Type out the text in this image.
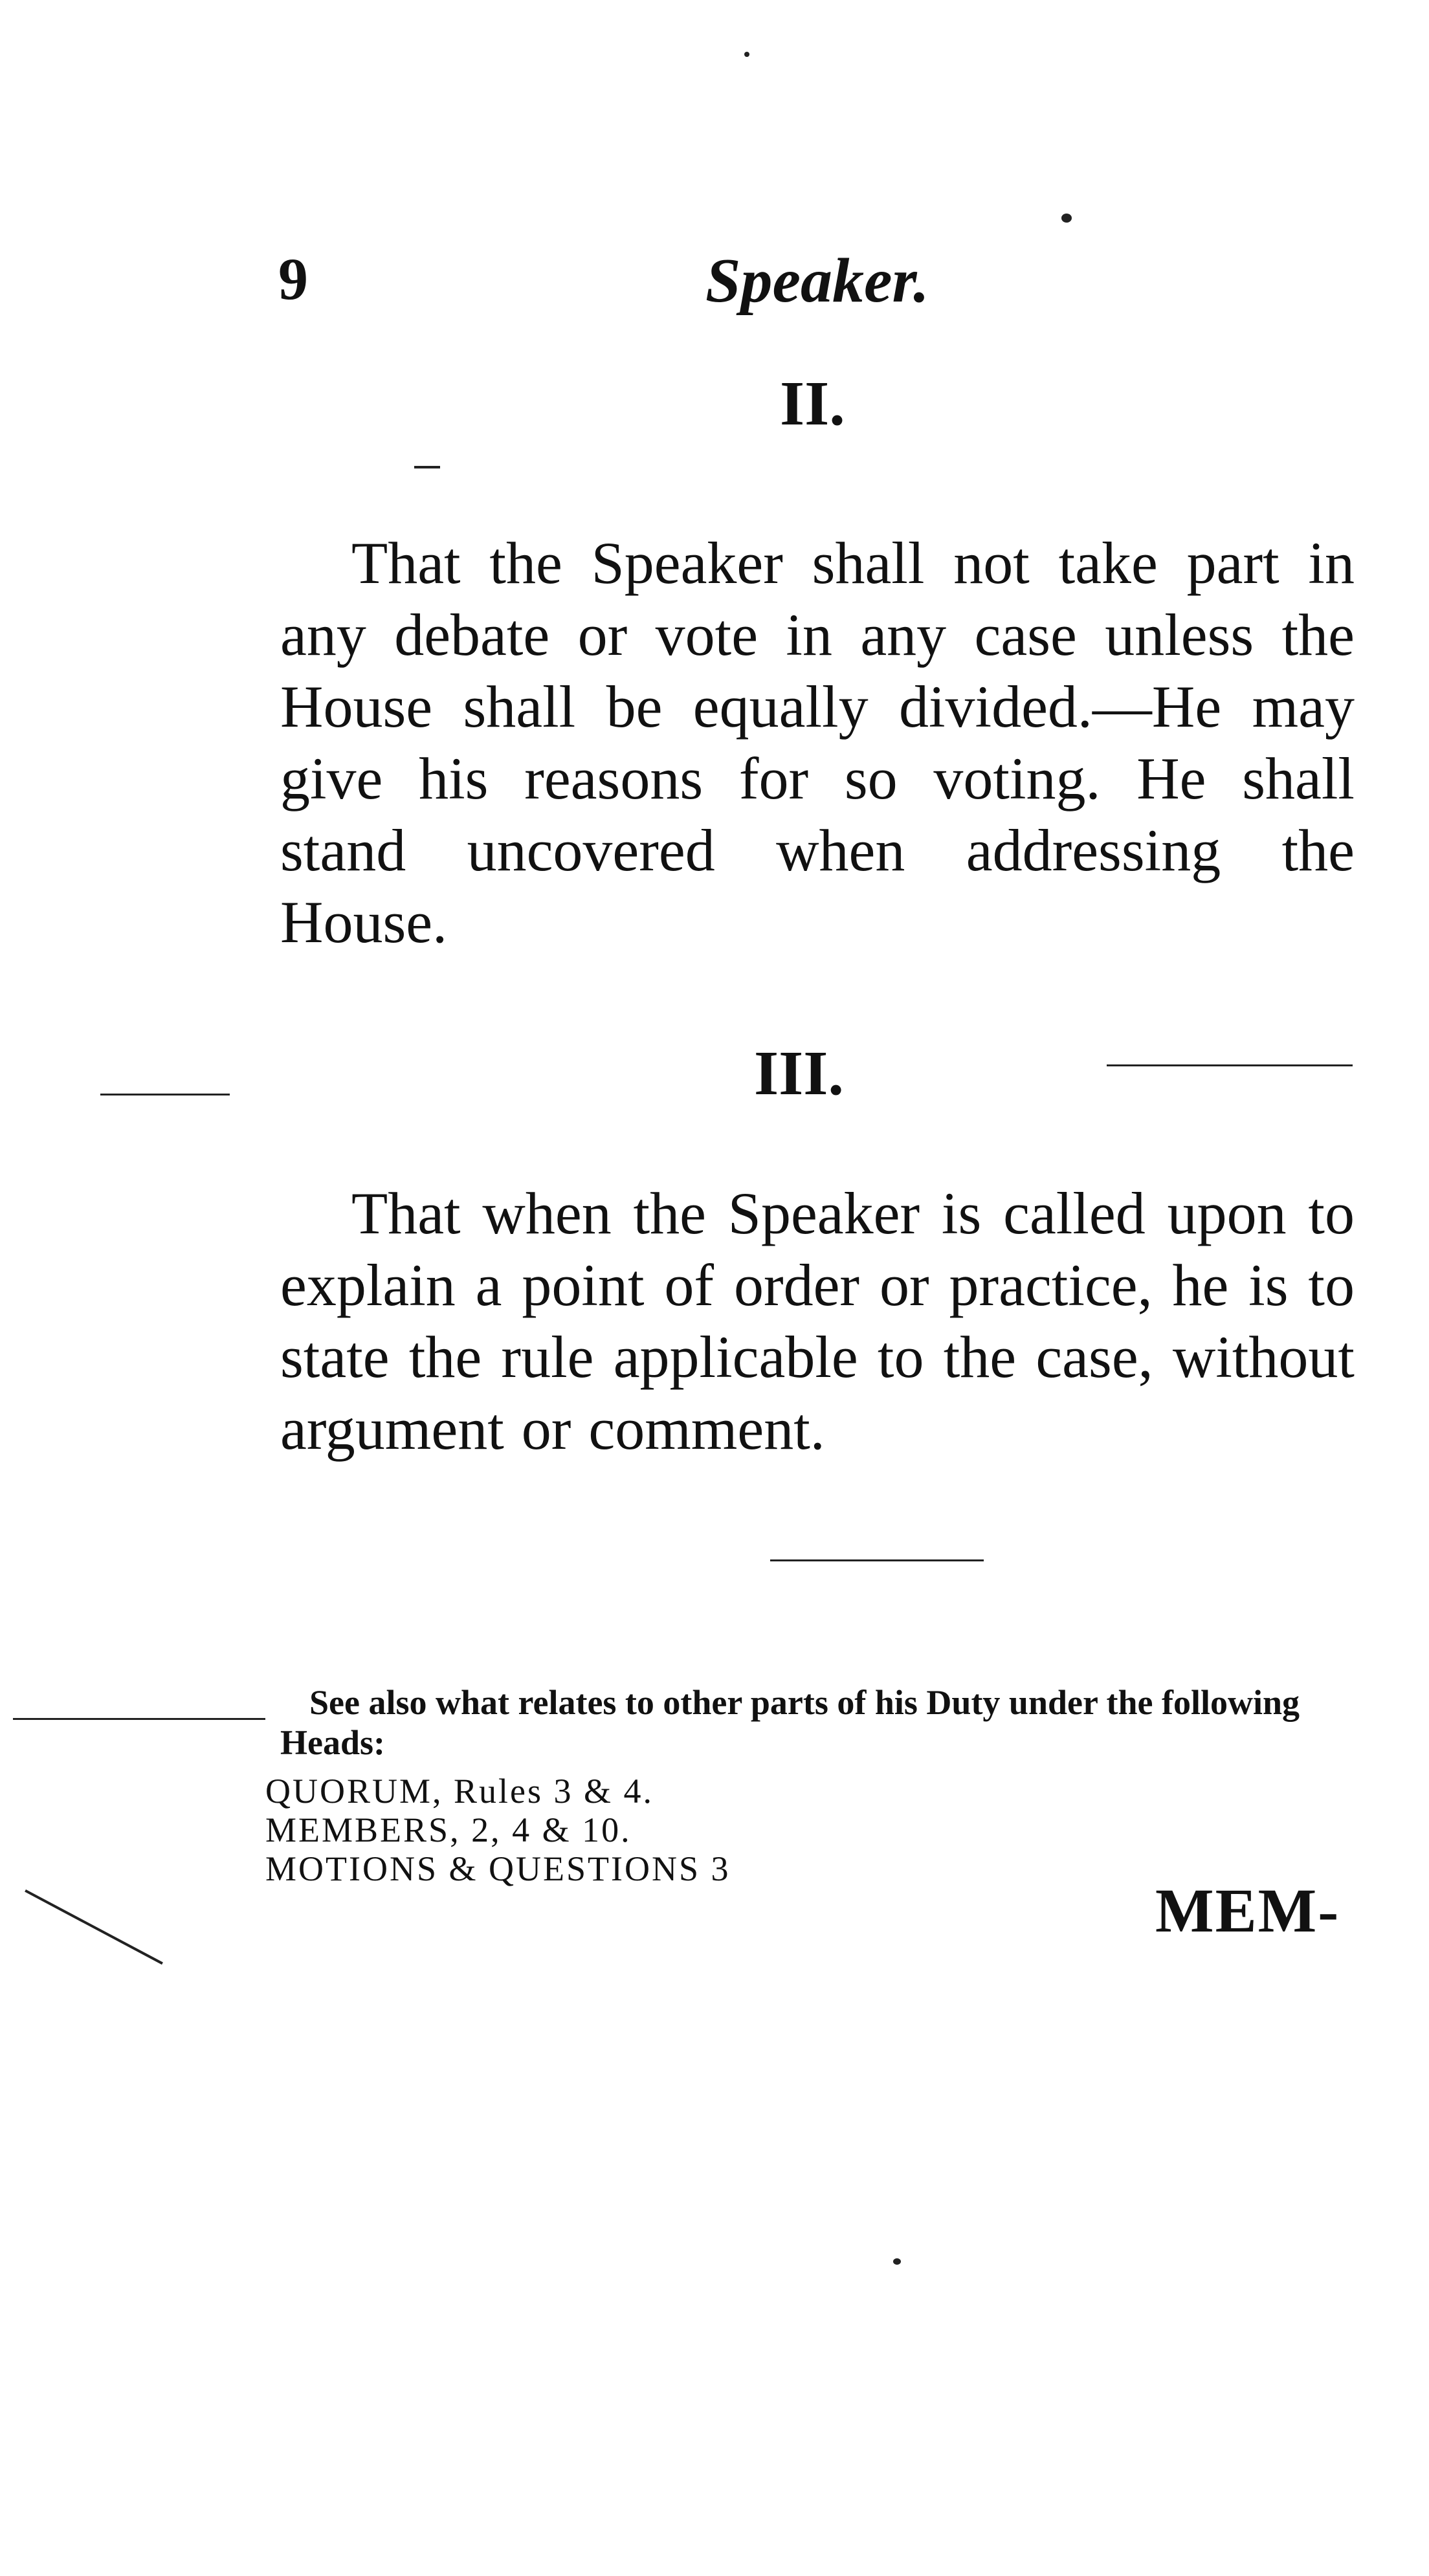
9	Speaker.
II.

That the Speaker shall not take part in any debate or vote in any case unless the House shall be equally divided.—He may give his reasons for so voting. He shall stand uncovered when addressing the House.

III.

That when the Speaker is called upon to explain a point of order or practice, he is to state the rule applicable to the case, without argument or comment.

See also what relates to other parts of his Duty under the following Heads:
QUORUM, Rules 3 & 4.
MEMBERS, 2, 4 & 10.
MOTIONS & QUESTIONS 3
MEM-
